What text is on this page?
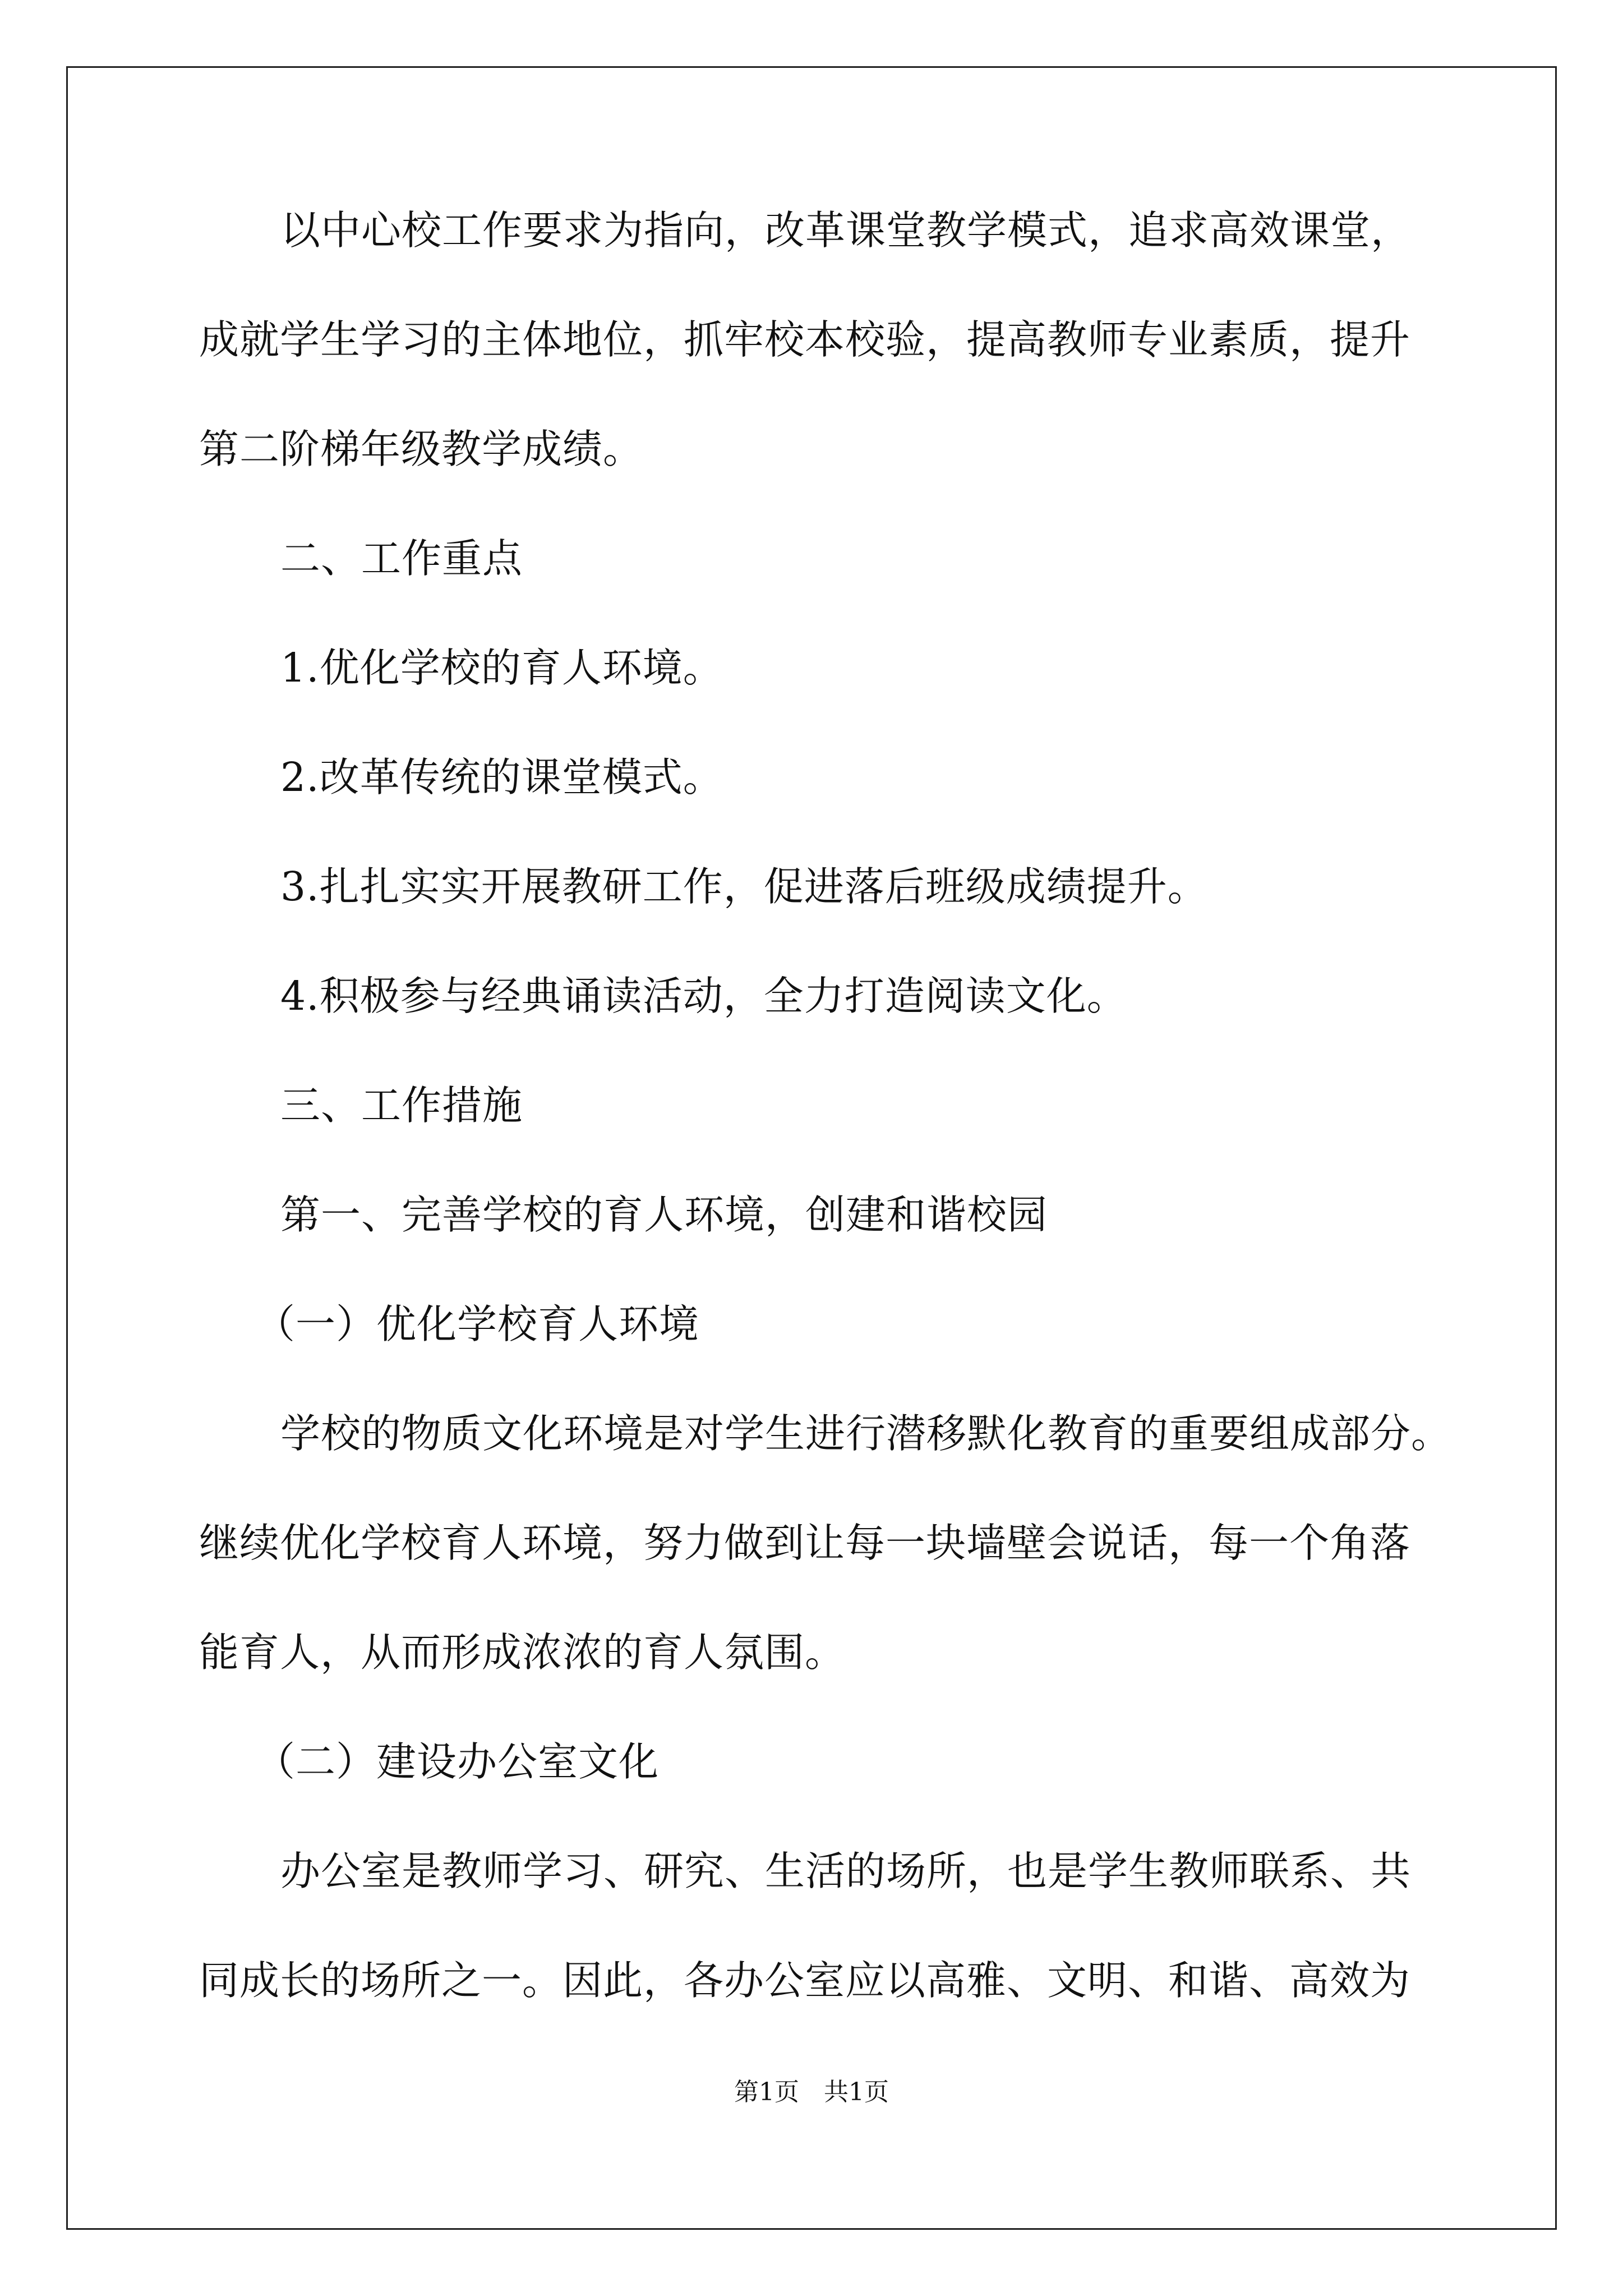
以中心校工作要求为指向，改革课堂教学模式，追求高效课堂，
成就学生学习的主体地位，抓牢校本校验，提高教师专业素质，提升
第二阶梯年级教学成绩。
二、工作重点
1.优化学校的育人环境。
2.改革传统的课堂模式。
3.扎扎实实开展教研工作，促进落后班级成绩提升。
4.积极参与经典诵读活动，全力打造阅读文化。
三、工作措施
第一、完善学校的育人环境，创建和谐校园
（一）优化学校育人环境
学校的物质文化环境是对学生进行潜移默化教育的重要组成部分。
继续优化学校育人环境，努力做到让每一块墙壁会说话，每一个角落
能育人，从而形成浓浓的育人氛围。
（二）建设办公室文化
办公室是教师学习、研究、生活的场所，也是学生教师联系、共
同成长的场所之一。因此，各办公室应以高雅、文明、和谐、高效为
第1页　共1页
